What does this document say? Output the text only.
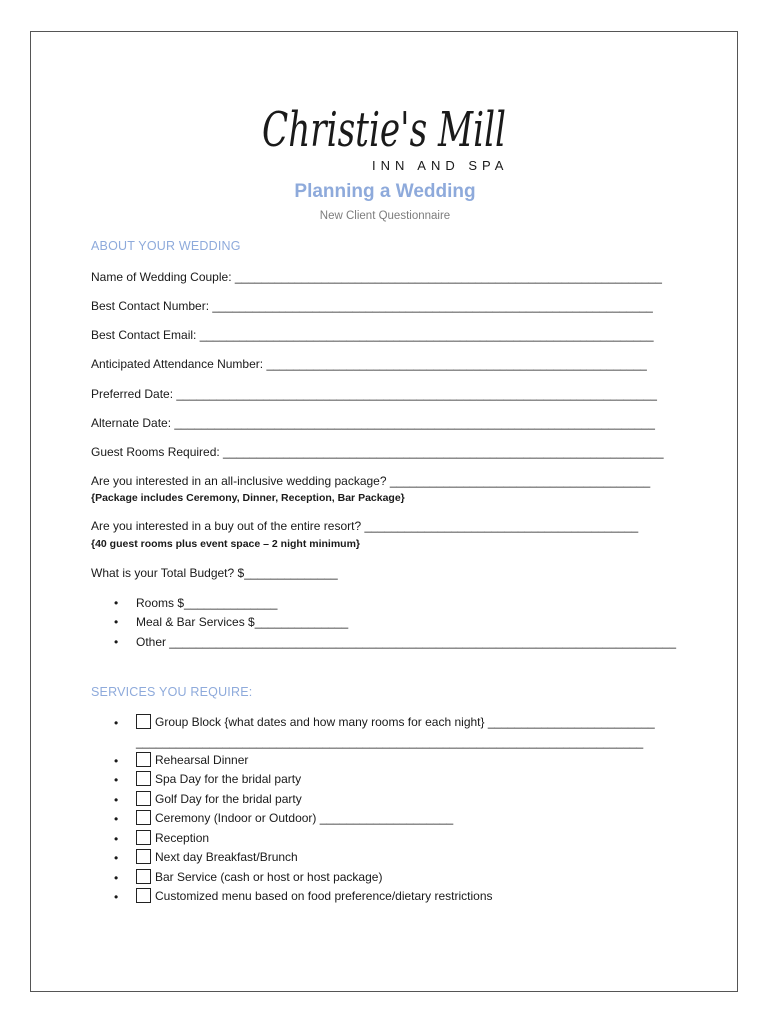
Christie's Mill
INN AND SPA
Planning a Wedding
New Client Questionnaire
ABOUT YOUR WEDDING
Name of Wedding Couple: ________________________________________________________________
Best Contact Number: __________________________________________________________________
Best Contact Email: ____________________________________________________________________
Anticipated Attendance Number: _________________________________________________________
Preferred Date: ________________________________________________________________________
Alternate Date: ________________________________________________________________________
Guest Rooms Required: __________________________________________________________________
Are you interested in an all-inclusive wedding package? _______________________________________
{Package includes Ceremony, Dinner, Reception, Bar Package}
Are you interested in a buy out of the entire resort? _________________________________________
{40 guest rooms plus event space – 2 night minimum}
What is your Total Budget? $______________
• Rooms $______________
• Meal & Bar Services $______________
• Other ____________________________________________________________________________
SERVICES YOU REQUIRE:
•	Group Block {what dates and how many rooms for each night} _________________________
____________________________________________________________________________
•	Rehearsal Dinner
•	Spa Day for the bridal party
•	Golf Day for the bridal party
•	Ceremony (Indoor or Outdoor) ____________________
•	Reception
•	Next day Breakfast/Brunch
•	Bar Service (cash or host or host package)
•	Customized menu based on food preference/dietary restrictions
